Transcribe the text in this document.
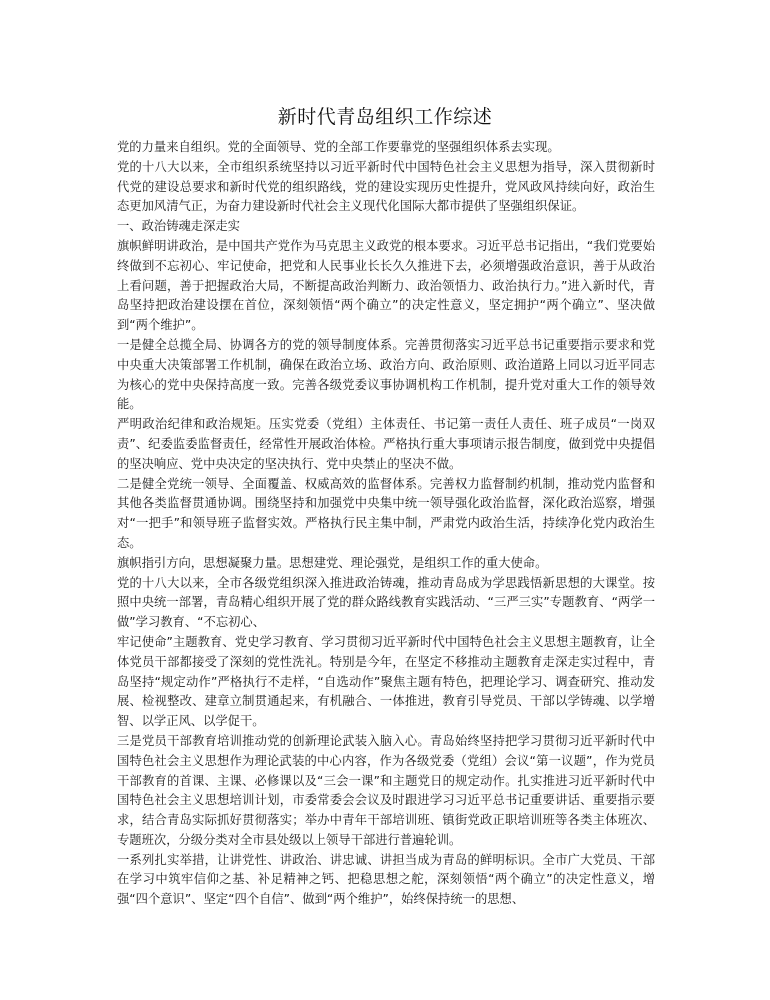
新时代青岛组织工作综述

党的力量来自组织。党的全面领导、党的全部工作要靠党的坚强组织体系去实现。

党的十八大以来，全市组织系统坚持以习近平新时代中国特色社会主义思想为指导，深入贯彻新时代党的建设总要求和新时代党的组织路线，党的建设实现历史性提升，党风政风持续向好，政治生态更加风清气正，为奋力建设新时代社会主义现代化国际大都市提供了坚强组织保证。

一、政治铸魂走深走实

旗帜鲜明讲政治，是中国共产党作为马克思主义政党的根本要求。习近平总书记指出，“我们党要始终做到不忘初心、牢记使命，把党和人民事业长长久久推进下去，必须增强政治意识，善于从政治上看问题，善于把握政治大局，不断提高政治判断力、政治领悟力、政治执行力。”进入新时代，青岛坚持把政治建设摆在首位，深刻领悟“两个确立”的决定性意义，坚定拥护“两个确立”、坚决做到“两个维护”。

一是健全总揽全局、协调各方的党的领导制度体系。完善贯彻落实习近平总书记重要指示要求和党中央重大决策部署工作机制，确保在政治立场、政治方向、政治原则、政治道路上同以习近平同志为核心的党中央保持高度一致。完善各级党委议事协调机构工作机制，提升党对重大工作的领导效能。

严明政治纪律和政治规矩。压实党委（党组）主体责任、书记第一责任人责任、班子成员“一岗双责”、纪委监委监督责任，经常性开展政治体检。严格执行重大事项请示报告制度，做到党中央提倡的坚决响应、党中央决定的坚决执行、党中央禁止的坚决不做。

二是健全党统一领导、全面覆盖、权威高效的监督体系。完善权力监督制约机制，推动党内监督和其他各类监督贯通协调。围绕坚持和加强党中央集中统一领导强化政治监督，深化政治巡察，增强对“一把手”和领导班子监督实效。严格执行民主集中制，严肃党内政治生活，持续净化党内政治生态。

旗帜指引方向，思想凝聚力量。思想建党、理论强党，是组织工作的重大使命。

党的十八大以来，全市各级党组织深入推进政治铸魂，推动青岛成为学思践悟新思想的大课堂。按照中央统一部署，青岛精心组织开展了党的群众路线教育实践活动、“三严三实”专题教育、“两学一做”学习教育、“不忘初心、

牢记使命”主题教育、党史学习教育、学习贯彻习近平新时代中国特色社会主义思想主题教育，让全体党员干部都接受了深刻的党性洗礼。特别是今年，在坚定不移推动主题教育走深走实过程中，青岛坚持“规定动作”严格执行不走样，“自选动作”聚焦主题有特色，把理论学习、调查研究、推动发展、检视整改、建章立制贯通起来，有机融合、一体推进，教育引导党员、干部以学铸魂、以学增智、以学正风、以学促干。

三是党员干部教育培训推动党的创新理论武装入脑入心。青岛始终坚持把学习贯彻习近平新时代中国特色社会主义思想作为理论武装的中心内容，作为各级党委（党组）会议“第一议题”，作为党员干部教育的首课、主课、必修课以及“三会一课”和主题党日的规定动作。扎实推进习近平新时代中国特色社会主义思想培训计划，市委常委会会议及时跟进学习习近平总书记重要讲话、重要指示要求，结合青岛实际抓好贯彻落实；举办中青年干部培训班、镇街党政正职培训班等各类主体班次、专题班次，分级分类对全市县处级以上领导干部进行普遍轮训。

一系列扎实举措，让讲党性、讲政治、讲忠诚、讲担当成为青岛的鲜明标识。全市广大党员、干部在学习中筑牢信仰之基、补足精神之钙、把稳思想之舵，深刻领悟“两个确立”的决定性意义，增强“四个意识”、坚定“四个自信”、做到“两个维护”，始终保持统一的思想、
